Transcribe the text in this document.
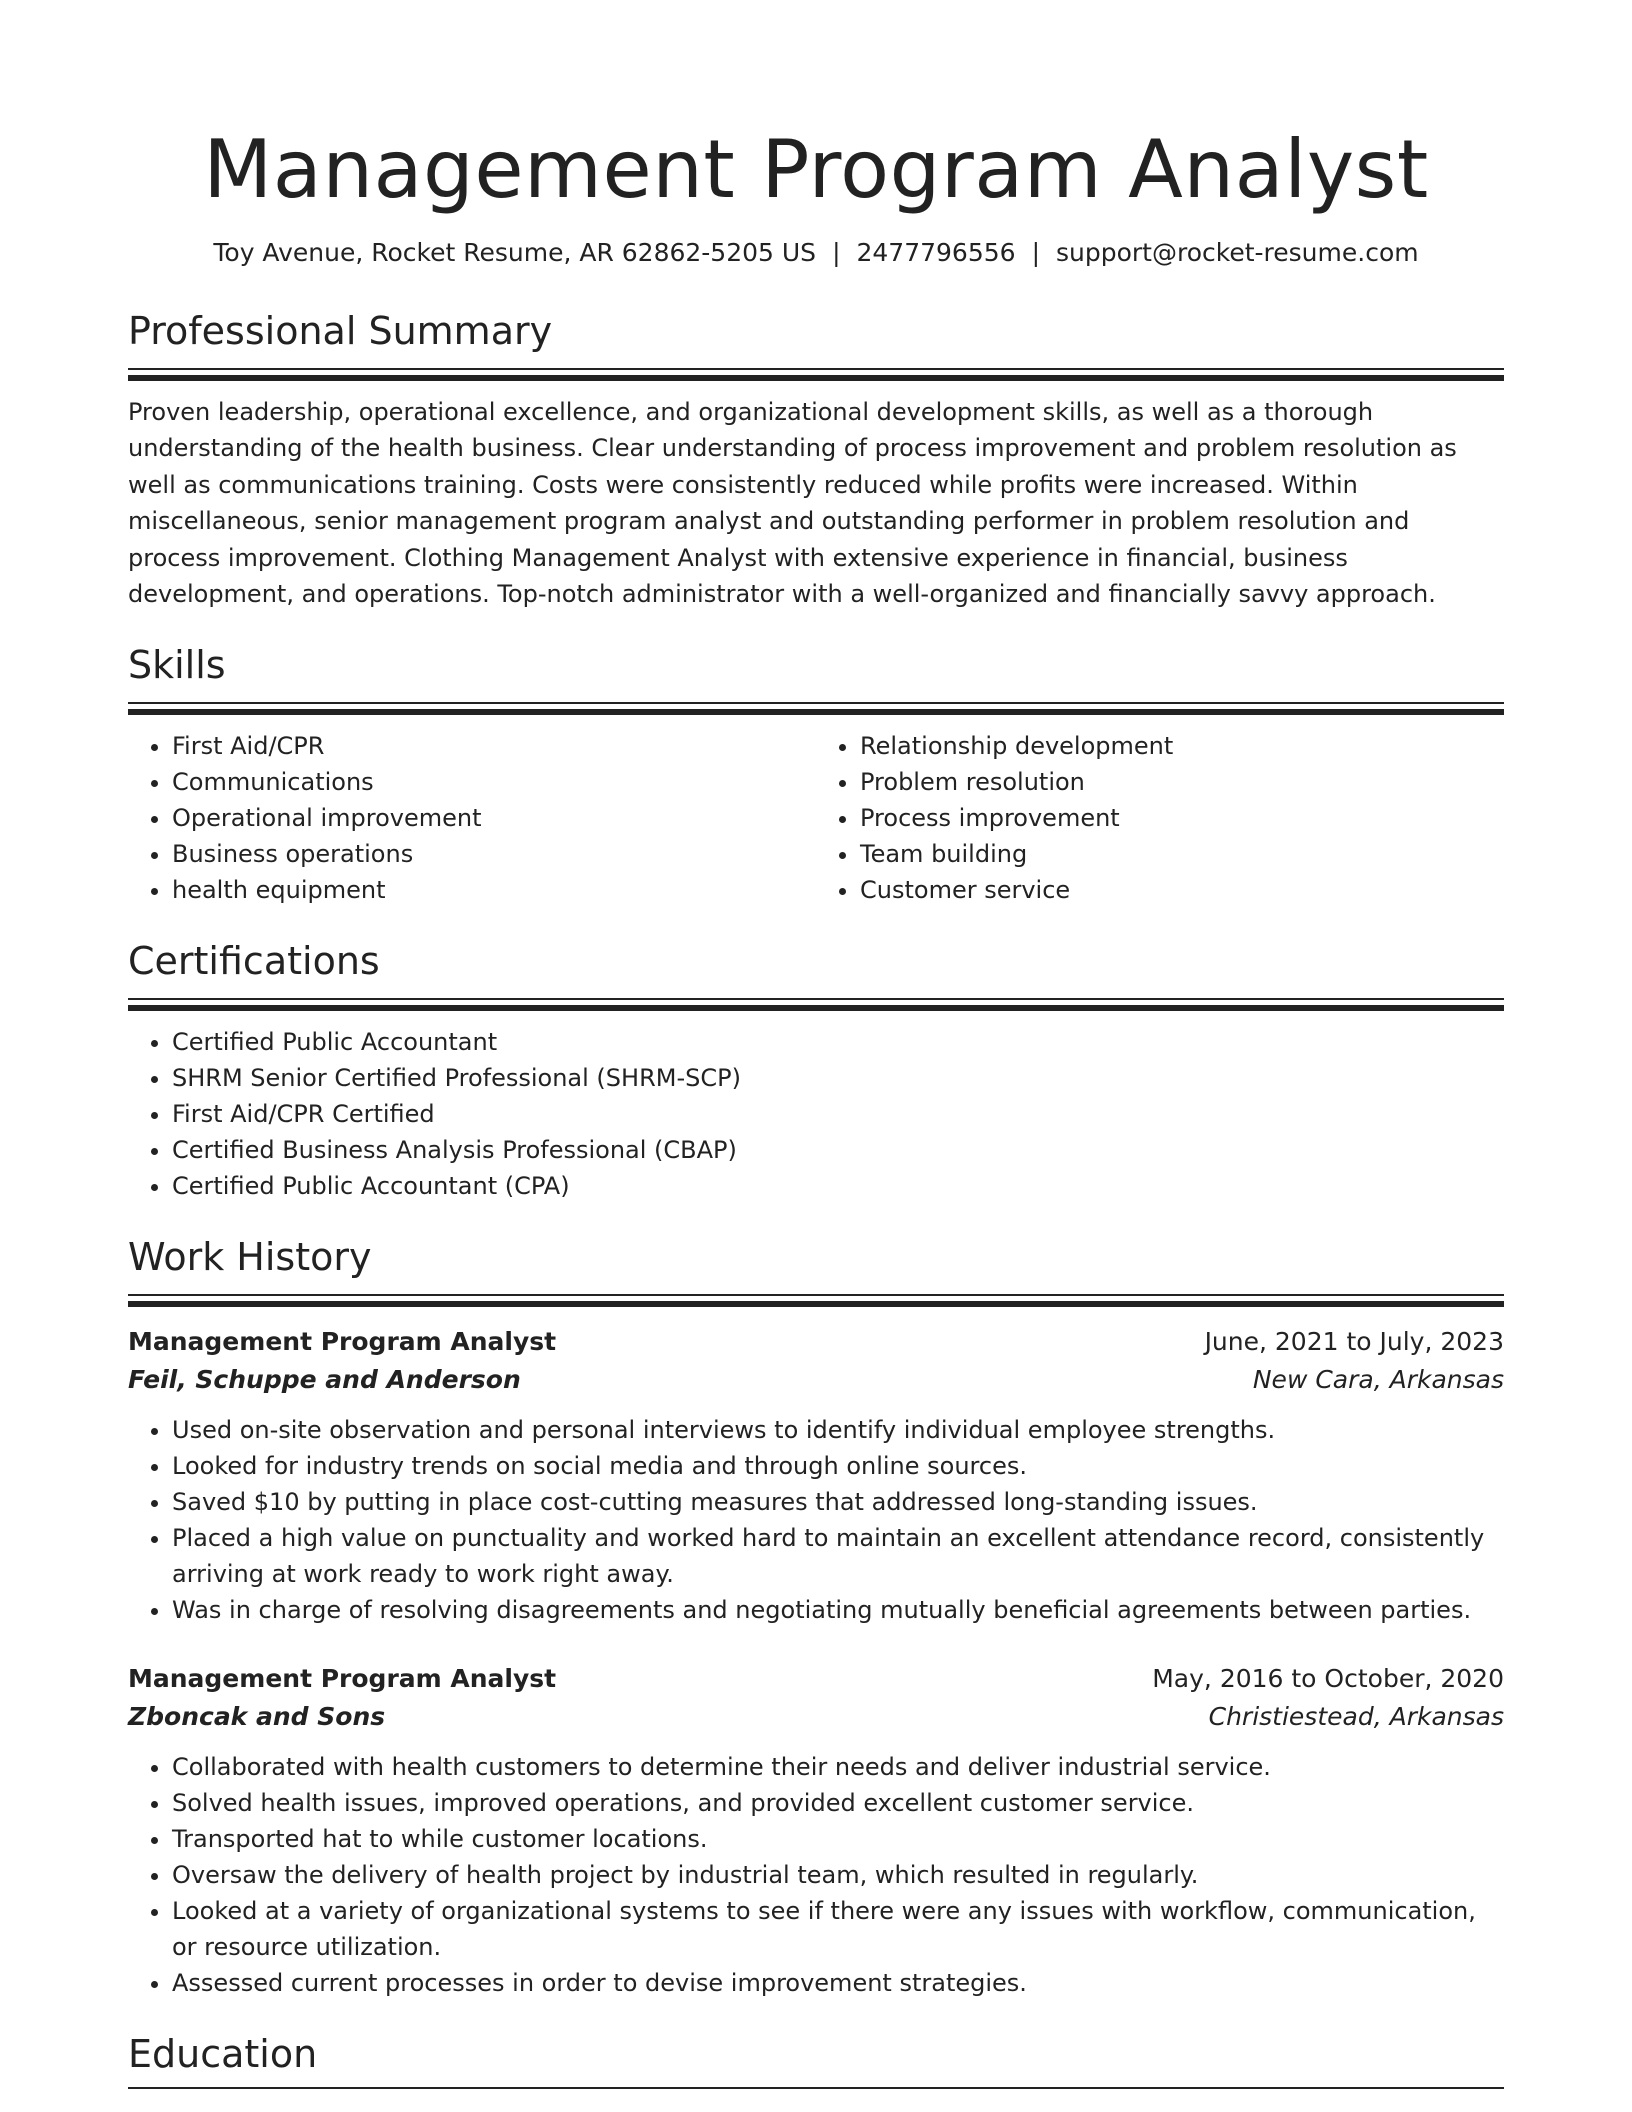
Management Program Analyst
Toy Avenue, Rocket Resume, AR 62862-5205 US | 2477796556 | support@rocket-resume.com
Professional Summary

Proven leadership, operational excellence, and organizational development skills, as well as a thorough understanding of the health business. Clear understanding of process improvement and problem resolution as well as communications training. Costs were consistently reduced while profits were increased. Within miscellaneous, senior management program analyst and outstanding performer in problem resolution and process improvement. Clothing Management Analyst with extensive experience in financial, business development, and operations. Top-notch administrator with a well-organized and financially savvy approach.

Skills
• First Aid/CPR
• Communications
• Operational improvement
• Business operations
• health equipment
• Relationship development
• Problem resolution
• Process improvement
• Team building
• Customer service
Certifications
• Certified Public Accountant
• SHRM Senior Certified Professional (SHRM-SCP)
• First Aid/CPR Certified
• Certified Business Analysis Professional (CBAP)
• Certified Public Accountant (CPA)
Work History
Management Program Analyst	June, 2021 to July, 2023
Feil, Schuppe and Anderson	New Cara, Arkansas
• Used on-site observation and personal interviews to identify individual employee strengths.
• Looked for industry trends on social media and through online sources.
• Saved $10 by putting in place cost-cutting measures that addressed long-standing issues.
• Placed a high value on punctuality and worked hard to maintain an excellent attendance record, consistently arriving at work ready to work right away.
• Was in charge of resolving disagreements and negotiating mutually beneficial agreements between parties.
Management Program Analyst	May, 2016 to October, 2020
Zboncak and Sons	Christiestead, Arkansas
• Collaborated with health customers to determine their needs and deliver industrial service.
• Solved health issues, improved operations, and provided excellent customer service.
• Transported hat to while customer locations.
• Oversaw the delivery of health project by industrial team, which resulted in regularly.
• Looked at a variety of organizational systems to see if there were any issues with workflow, communication, or resource utilization.
• Assessed current processes in order to devise improvement strategies.
Education
